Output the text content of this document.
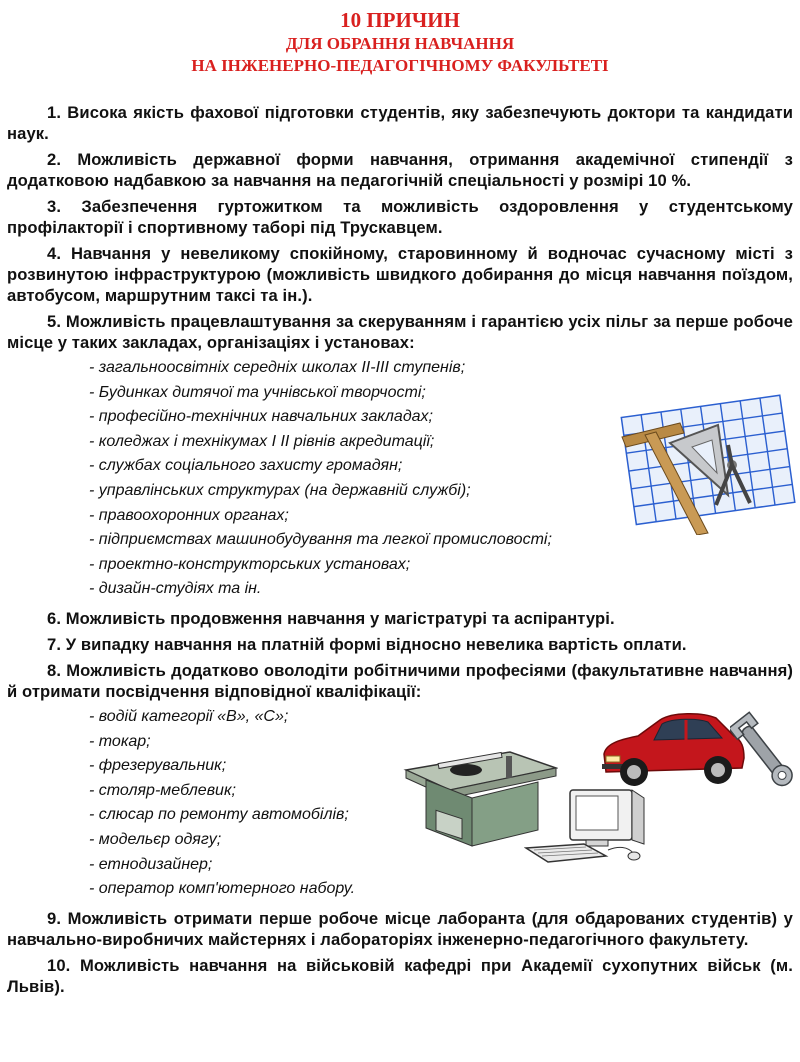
10 ПРИЧИН
ДЛЯ ОБРАННЯ НАВЧАННЯ
НА ІНЖЕНЕРНО-ПЕДАГОГІЧНОМУ ФАКУЛЬТЕТІ

1. Висока якість фахової підготовки студентів, яку забезпечують доктори та кандидати наук.

2. Можливість державної форми навчання, отримання академічної стипендії з додатковою надбавкою за навчання на педагогічній спеціальності у розмірі 10 %.

3. Забезпечення гуртожитком та можливість оздоровлення у студентському профілакторії і спортивному таборі під Трускавцем.

4. Навчання у невеликому спокійному, старовинному й водночас сучасному місті з розвинутою інфраструктурою (можливість швидкого добирання до місця навчання поїздом, автобусом, маршрутним таксі та ін.).

5. Можливість працевлаштування за скеруванням і гарантією усіх пільг за перше робоче місце у таких закладах, організаціях і установах:

- загальноосвітніх середніх школах ІІ-ІІІ ступенів;
- Будинках дитячої та учнівської творчості;
- професійно-технічних навчальних закладах;
- коледжах і технікумах І ІІ рівнів акредитації;
- службах соціального захисту громадян;
- управлінських структурах (на державній службі);
- правоохоронних органах;
- підприємствах машинобудування та легкої промисловості;
- проектно-конструкторських установах;
- дизайн-студіях та ін.

6. Можливість продовження навчання у магістратурі та аспірантурі.

7. У випадку навчання на платній формі відносно невелика вартість оплати.

8. Можливість додатково оволодіти робітничими професіями (факультативне навчання) й отримати посвідчення відповідної кваліфікації:

- водій категорії «В», «С»;
- токар;
- фрезерувальник;
- столяр-меблевик;
- слюсар по ремонту автомобілів;
- модельєр одягу;
- етнодизайнер;
- оператор комп'ютерного набору.

9. Можливість отримати перше робоче місце лаборанта (для обдарованих студентів) у навчально-виробничих майстернях і лабораторіях інженерно-педагогічного факультету.

10. Можливість навчання на військовій кафедрі при Академії сухопутних військ (м. Львів).
